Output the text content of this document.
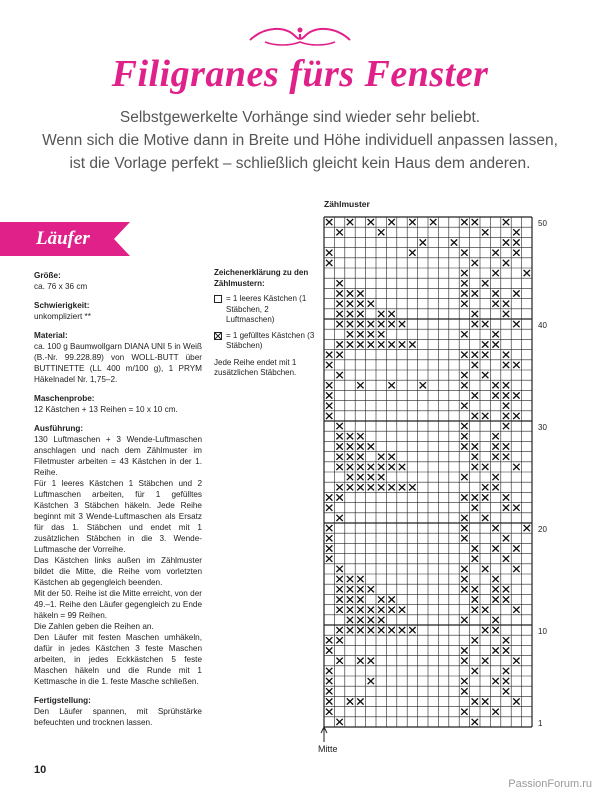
Filigranes fürs Fenster
Selbstgewerkelte Vorhänge sind wieder sehr beliebt.
Wenn sich die Motive dann in Breite und Höhe individuell anpassen lassen,
ist die Vorlage perfekt – schließlich gleicht kein Haus dem anderen.
Läufer
Größe:

ca. 76 x 36 cm

Schwierigkeit:

unkompliziert **

Material:

ca. 100 g Baumwollgarn DIANA UNI 5 in Weiß (B.-Nr. 99.228.89) von WOLL-BUTT über BUTTINETTE (LL 400 m/100 g), 1 PRYM Häkelnadel Nr. 1,75–2.

Maschenprobe:

12 Kästchen + 13 Reihen = 10 x 10 cm.

Ausführung:

130 Luftmaschen + 3 Wende-Luftmaschen anschlagen und nach dem Zählmuster im Filetmuster arbeiten = 43 Kästchen in der 1. Reihe.

Für 1 leeres Kästchen 1 Stäbchen und 2 Luftmaschen arbeiten, für 1 gefülltes Kästchen 3 Stäbchen häkeln. Jede Reihe beginnt mit 3 Wende-Luftmaschen als Ersatz für das 1. Stäbchen und endet mit 1 zusätzlichen Stäbchen in die 3. Wende-Luftmasche der Vorreihe.

Das Kästchen links außen im Zählmuster bildet die Mitte, die Reihe vom vorletzten Kästchen ab gegengleich beenden.

Mit der 50. Reihe ist die Mitte erreicht, von der 49.–1. Reihe den Läufer gegengleich zu Ende häkeln = 99 Reihen.

Die Zahlen geben die Reihen an.

Den Läufer mit festen Maschen umhäkeln, dafür in jedes Kästchen 3 feste Maschen arbeiten, in jedes Eckkästchen 5 feste Maschen häkeln und die Runde mit 1 Kettmasche in die 1. feste Masche schließen.

Fertigstellung:

Den Läufer spannen, mit Sprühstärke befeuchten und trocknen lassen.

Zeichenerklärung zu den Zählmustern:
= 1 leeres Kästchen (1 Stäbchen, 2 Luftmaschen)
= 1 gefülltes Kästchen (3 Stäbchen)
Jede Reihe endet mit 1 zusätzlichen Stäbchen.
Zählmuster
1
10
20
30
40
50
Mitte
10
PassionForum.ru
